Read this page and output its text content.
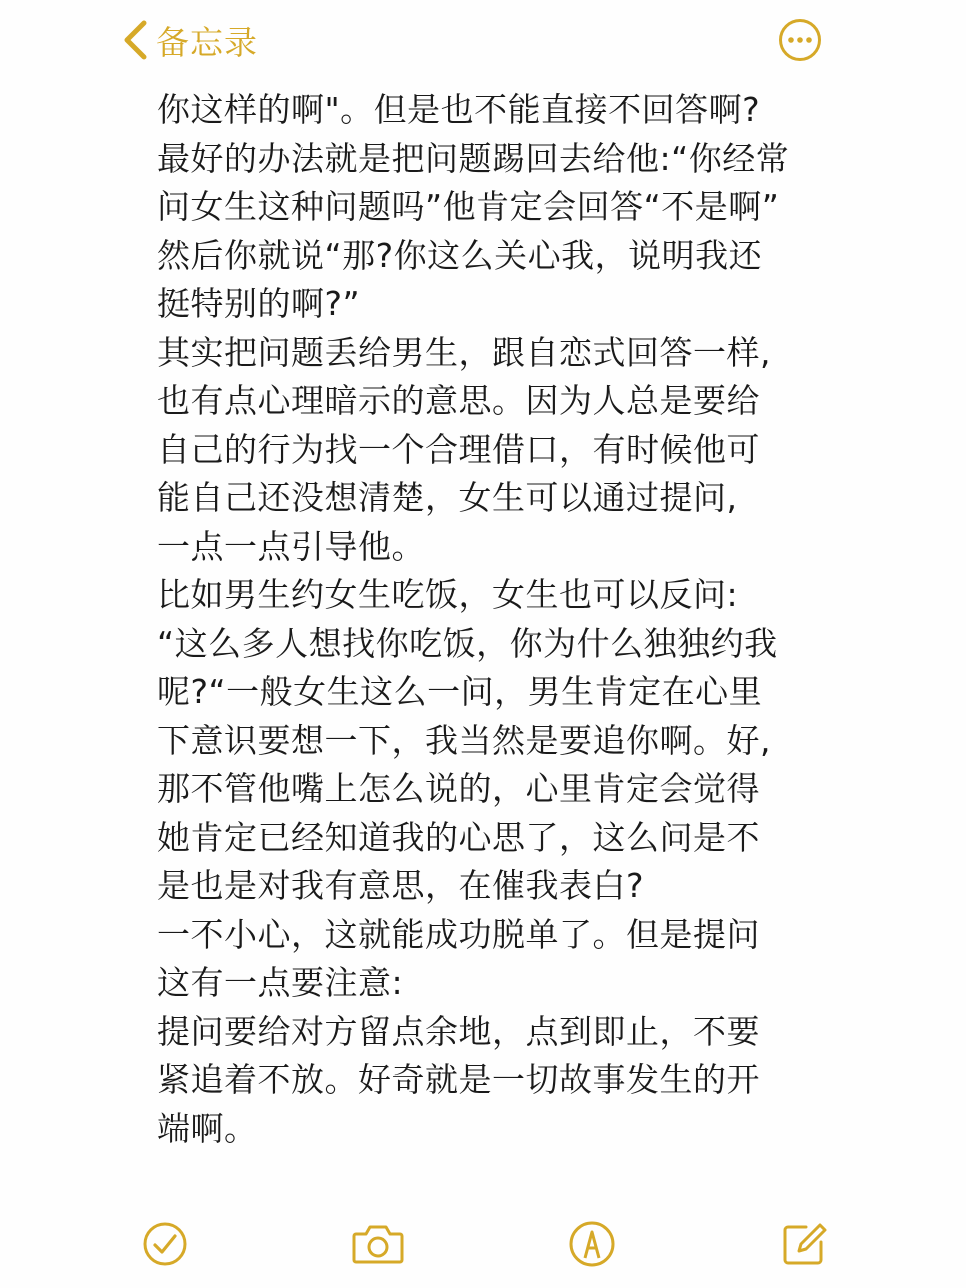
备忘录
你这样的啊"。但是也不能直接不回答啊?
最好的办法就是把问题踢回去给他:“你经常
问女生这种问题吗”他肯定会回答“不是啊”
然后你就说“那?你这么关心我，说明我还
挺特别的啊?”
其实把问题丢给男生，跟自恋式回答一样,
也有点心理暗示的意思。因为人总是要给
自己的行为找一个合理借口，有时候他可
能自己还没想清楚，女生可以通过提问,
一点一点引导他。
比如男生约女生吃饭，女生也可以反问:
“这么多人想找你吃饭，你为什么独独约我
呢?“一般女生这么一问，男生肯定在心里
下意识要想一下，我当然是要追你啊。好,
那不管他嘴上怎么说的，心里肯定会觉得
她肯定已经知道我的心思了，这么问是不
是也是对我有意思，在催我表白?
一不小心，这就能成功脱单了。但是提问
这有一点要注意:
提问要给对方留点余地，点到即止，不要
紧追着不放。好奇就是一切故事发生的开
端啊。
